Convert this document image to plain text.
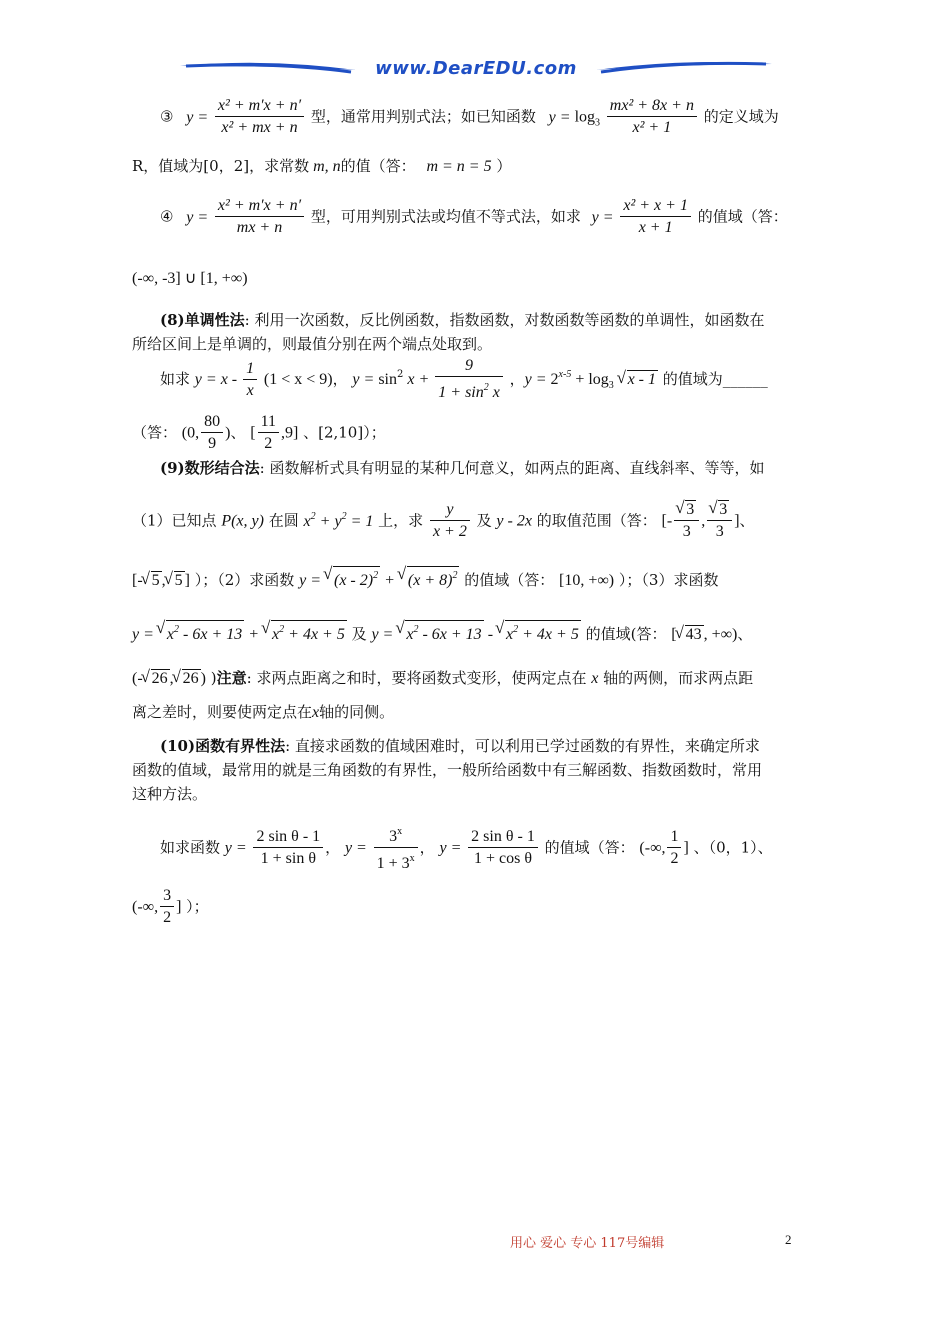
www.DearEDU.com
③ $y = \frac{\text{x² + m′x + n′}}{\text{x² + mx + n}}$ 型，通常用判别式法；如已知函数 $y = \log_3 \frac{\text{mx² + 8x + n}}{\text{x² + 1}}$ 的定义域为
R，值域为[0，2]，求常数 m, n的值（答： m = n = 5 ）
④ $y = \frac{\text{x² + m′x + n′}}{mx + n}$ 型，可用判别式法或均值不等式法，如求 $y = \frac{\text{x² + x + 1}}{x + 1}$ 的值域（答：
(-∞, -3] ∪ [1, +∞)
(8)单调性法: 利用一次函数，反比例函数，指数函数，对数函数等函数的单调性，如函数在
所给区间上是单调的，则最值分别在两个端点处取到。
如求 $y = x - \frac{1}{x} (1 < x < 9)$， $y = \sin^2 x + \frac{9}{1 + \sin^2 x}$ ，$y = 2^{x-5} + \log_3$ √ x - 1 的值域为______
（答： (0, $\frac{80}{9}$ )、 [ $\frac{11}{2} ,9$] 、[2,10]）；
(9)数形结合法: 函数解析式具有明显的某种几何意义，如两点的距离、直线斜率、等等，如
（1）已知点 P(x, y) 在圆 $x^2 + y^2 = 1$ 上，求 $\frac{y}{x + 2}$ 及 y - 2x 的取值范围（答： [- √ $\frac{3}{3}$ , √ $\frac{3}{3}$ ]、
[- √ 5 , √ 5 ] ）；（2）求函数 y = √ (x - 2)$^2$ + √ $(x + 8)^2$ 的值域（答： [10, +∞) ）；（3）求函数
y = √ $x^2 - 6x + 13$ + √ $x^2 + 4x + 5$ 及 y = √ $x^2 - 6x + 13$ - √ $x^2 + 4x + 5$ 的值域(答： [ √ 43 , +∞)、
(- √ 26 , √ 26 ) )注意: 求两点距离之和时，要将函数式变形，使两定点在 x 轴的两侧，而求两点距
离之差时，则要使两定点在x轴的同侧。
(10)函数有界性法: 直接求函数的值域困难时，可以利用已学过函数的有界性，来确定所求
函数的值域，最常用的就是三角函数的有界性，一般所给函数中有三解函数、指数函数时，常用
这种方法。
如求函数 $y = \frac{\text{2 sin θ - 1}}{\text{1 + sin θ}}$ ， $y = \frac{3^x}{1 + 3^x}$ ， $y = \frac{\text{2 sin θ - 1}}{\text{1 + cos θ}}$ 的值域（答： (-∞, $\frac{1}{2}$ ] 、（0，1）、
(-∞, $\frac{3}{2}$ ] ）；
用心 爱心 专心 117号编辑	2
